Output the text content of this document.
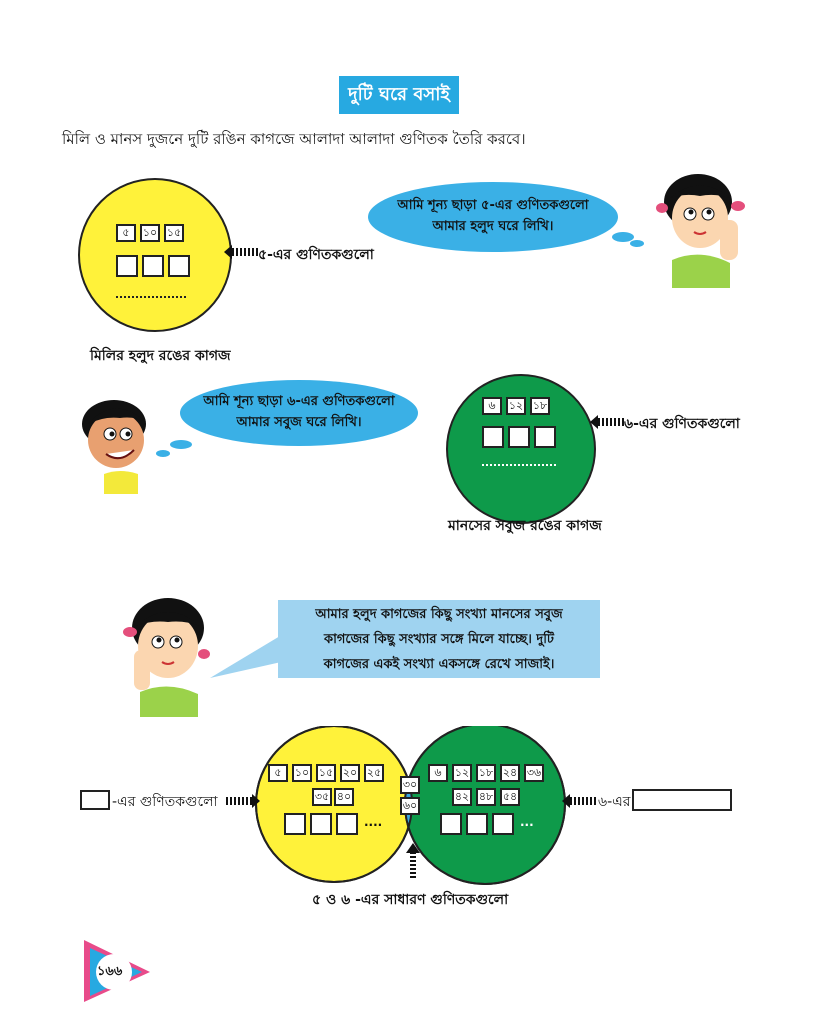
দুটি ঘরে বসাই
মিলি ও মানস দুজনে দুটি রঙিন কাগজে আলাদা আলাদা গুণিতক তৈরি করবে।
৫	১০ ১৫
৫-এর গুণিতকগুলো
মিলির হলুদ রঙের কাগজ
আমি শূন্য ছাড়া ৫-এর গুণিতকগুলো
আমার হলুদ ঘরে লিখি।
৬	১২ ১৮
৬-এর গুণিতকগুলো
মানসের সবুজ রঙের কাগজ
আমি শূন্য ছাড়া ৬-এর গুণিতকগুলো
আমার সবুজ ঘরে লিখি।
আমার হলুদ কাগজের কিছু সংখ্যা মানসের সবুজ
কাগজের কিছু সংখ্যার সঙ্গে মিলে যাচ্ছে। দুটি
কাগজের একই সংখ্যা একসঙ্গে রেখে সাজাই।
৫	১০ ১৫ ২০ ২৫
৩৫ ৪০
....
৩০
৬০
৬	১২ ১৮ ২৪ ৩৬
৪২ ৪৮ ৫৪
...
-এর গুণিতকগুলো	৬-এর
৫ ও ৬ -এর সাধারণ গুণিতকগুলো
১৬৬
